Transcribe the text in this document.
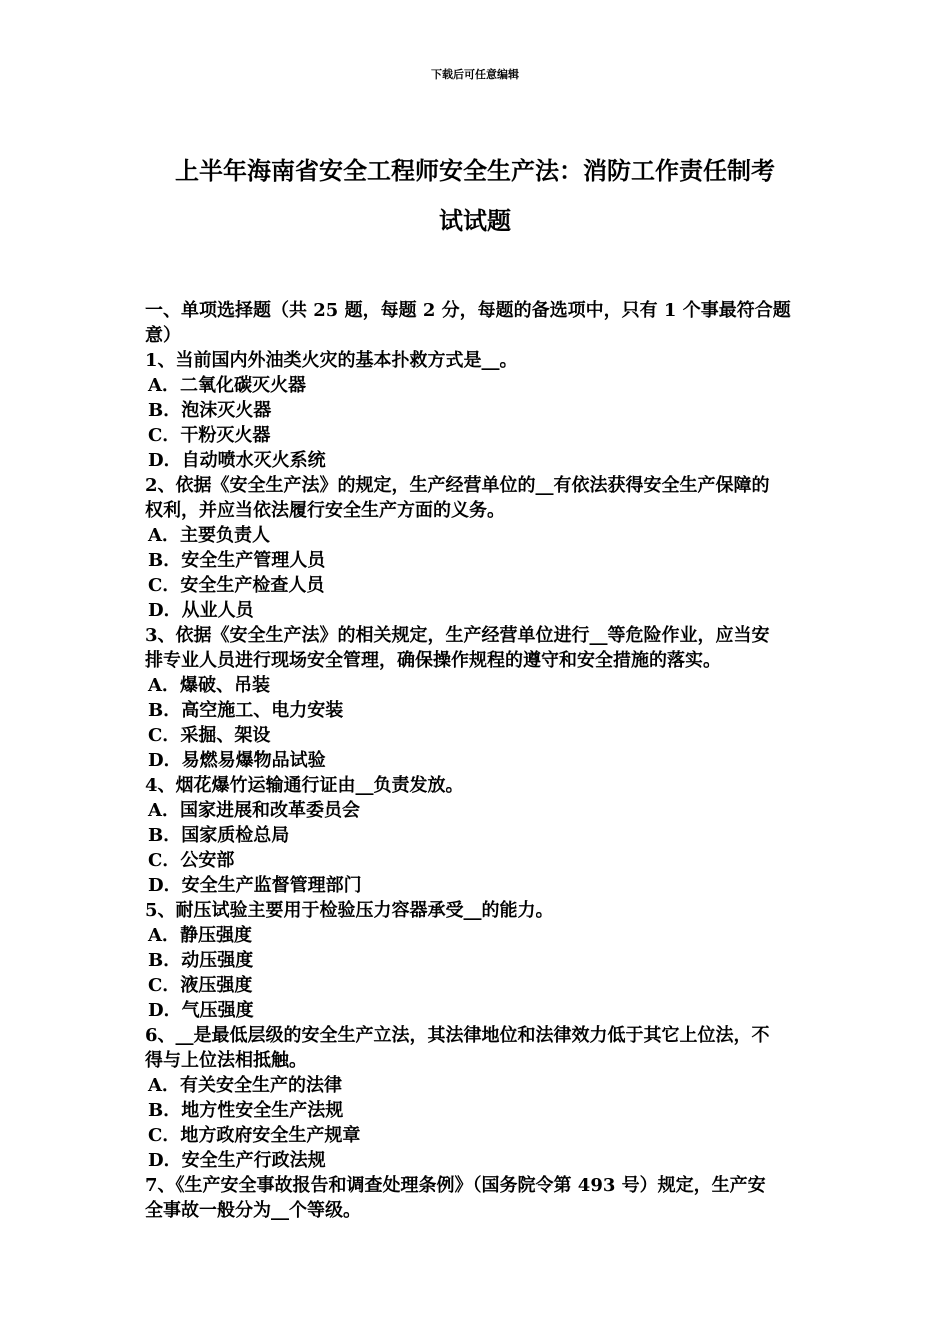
下载后可任意编辑
上半年海南省安全工程师安全生产法：消防工作责任制考
试试题
一、单项选择题（共 25 题，每题 2 分，每题的备选项中，只有 1 个事最符合题
意）
1、当前国内外油类火灾的基本扑救方式是__。
A．二氧化碳灭火器
B．泡沫灭火器
C．干粉灭火器
D．自动喷水灭火系统
2、依据《安全生产法》的规定，生产经营单位的__有依法获得安全生产保障的
权利，并应当依法履行安全生产方面的义务。
A．主要负责人
B．安全生产管理人员
C．安全生产检查人员
D．从业人员
3、依据《安全生产法》的相关规定，生产经营单位进行__等危险作业，应当安
排专业人员进行现场安全管理，确保操作规程的遵守和安全措施的落实。
A．爆破、吊装
B．高空施工、电力安装
C．采掘、架设
D．易燃易爆物品试验
4、烟花爆竹运输通行证由__负责发放。
A．国家进展和改革委员会
B．国家质检总局
C．公安部
D．安全生产监督管理部门
5、耐压试验主要用于检验压力容器承受__的能力。
A．静压强度
B．动压强度
C．液压强度
D．气压强度
6、__是最低层级的安全生产立法，其法律地位和法律效力低于其它上位法，不
得与上位法相抵触。
A．有关安全生产的法律
B．地方性安全生产法规
C．地方政府安全生产规章
D．安全生产行政法规
7、《生产安全事故报告和调查处理条例》（国务院令第 493 号）规定，生产安
全事故一般分为__个等级。
